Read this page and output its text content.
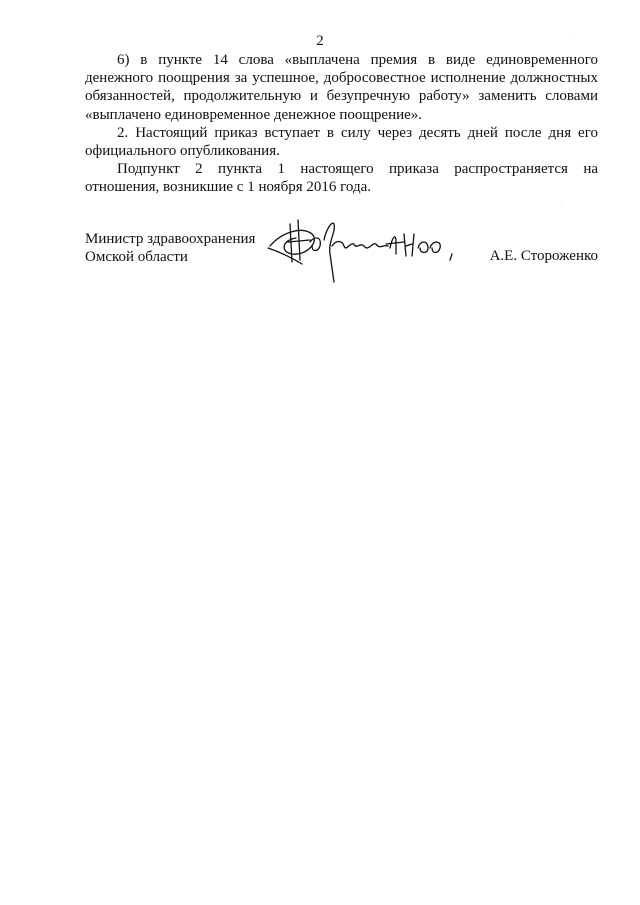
2
6) в пункте 14 слова «выплачена премия в виде единовременного
денежного поощрения за успешное, добросовестное исполнение должностных
обязанностей, продолжительную и безупречную работу» заменить словами
«выплачено единовременное денежное поощрение».
2. Настоящий приказ вступает в силу через десять дней после дня его
официального опубликования.
Подпункт 2 пункта 1 настоящего приказа распространяется на
отношения, возникшие с 1 ноября 2016 года.
Министр здравоохранения
Омской области	А.Е. Стороженко
·
·
